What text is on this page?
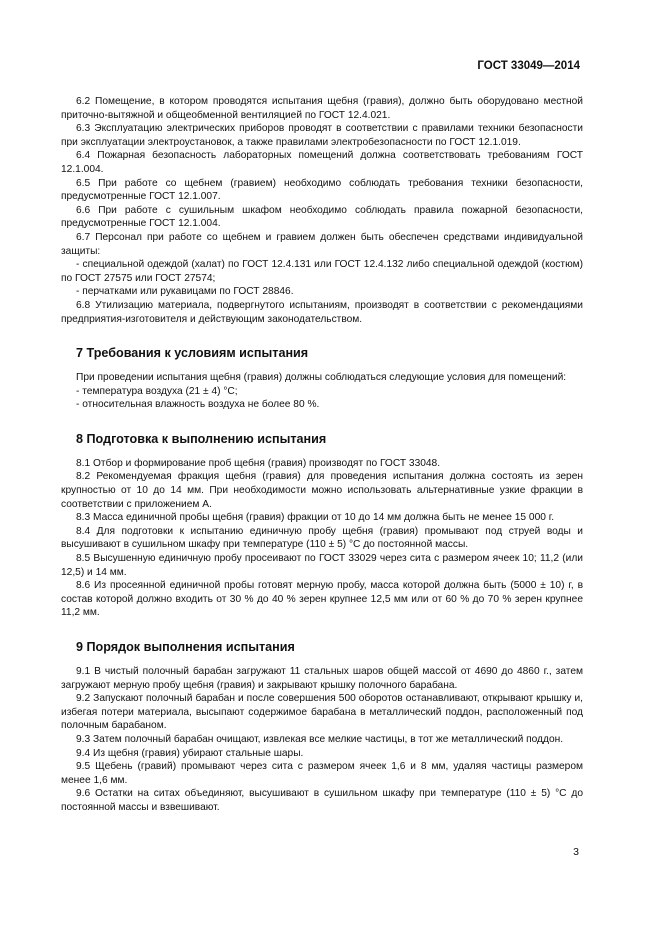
ГОСТ 33049—2014

6.2 Помещение, в котором проводятся испытания щебня (гравия), должно быть оборудовано местной приточно-вытяжной и общеобменной вентиляцией по ГОСТ 12.4.021.

6.3 Эксплуатацию электрических приборов проводят в соответствии с правилами техники безопасности при эксплуатации электроустановок, а также правилами электробезопасности по ГОСТ 12.1.019.

6.4 Пожарная безопасность лабораторных помещений должна соответствовать требованиям ГОСТ 12.1.004.

6.5 При работе со щебнем (гравием) необходимо соблюдать требования техники безопасности, предусмотренные ГОСТ 12.1.007.

6.6 При работе с сушильным шкафом необходимо соблюдать правила пожарной безопасности, предусмотренные ГОСТ 12.1.004.

6.7 Персонал при работе со щебнем и гравием должен быть обеспечен средствами индивидуальной защиты:

- специальной одеждой (халат) по ГОСТ 12.4.131 или ГОСТ 12.4.132 либо специальной одеждой (костюм) по ГОСТ 27575 или ГОСТ 27574;

- перчатками или рукавицами по ГОСТ 28846.

6.8 Утилизацию материала, подвергнутого испытаниям, производят в соответствии с рекомендациями предприятия-изготовителя и действующим законодательством.

7 Требования к условиям испытания

При проведении испытания щебня (гравия) должны соблюдаться следующие условия для помещений:

- температура воздуха (21 ± 4) °C;

- относительная влажность воздуха не более 80 %.

8 Подготовка к выполнению испытания

8.1 Отбор и формирование проб щебня (гравия) производят по ГОСТ 33048.

8.2 Рекомендуемая фракция щебня (гравия) для проведения испытания должна состоять из зерен крупностью от 10 до 14 мм. При необходимости можно использовать альтернативные узкие фракции в соответствии с приложением А.

8.3 Масса единичной пробы щебня (гравия) фракции от 10 до 14 мм должна быть не менее 15 000 г.

8.4 Для подготовки к испытанию единичную пробу щебня (гравия) промывают под струей воды и высушивают в сушильном шкафу при температуре (110 ± 5) °C до постоянной массы.

8.5 Высушенную единичную пробу просеивают по ГОСТ 33029 через сита с размером ячеек 10; 11,2 (или 12,5) и 14 мм.

8.6 Из просеянной единичной пробы готовят мерную пробу, масса которой должна быть (5000 ± 10) г, в состав которой должно входить от 30 % до 40 % зерен крупнее 12,5 мм или от 60 % до 70 % зерен крупнее 11,2 мм.

9 Порядок выполнения испытания

9.1 В чистый полочный барабан загружают 11 стальных шаров общей массой от 4690 до 4860 г., затем загружают мерную пробу щебня (гравия) и закрывают крышку полочного барабана.

9.2 Запускают полочный барабан и после совершения 500 оборотов останавливают, открывают крышку и, избегая потери материала, высыпают содержимое барабана в металлический поддон, расположенный под полочным барабаном.

9.3 Затем полочный барабан очищают, извлекая все мелкие частицы, в тот же металлический поддон.

9.4 Из щебня (гравия) убирают стальные шары.

9.5 Щебень (гравий) промывают через сита с размером ячеек 1,6 и 8 мм, удаляя частицы размером менее 1,6 мм.

9.6 Остатки на ситах объединяют, высушивают в сушильном шкафу при температуре (110 ± 5) °C до постоянной массы и взвешивают.

3
